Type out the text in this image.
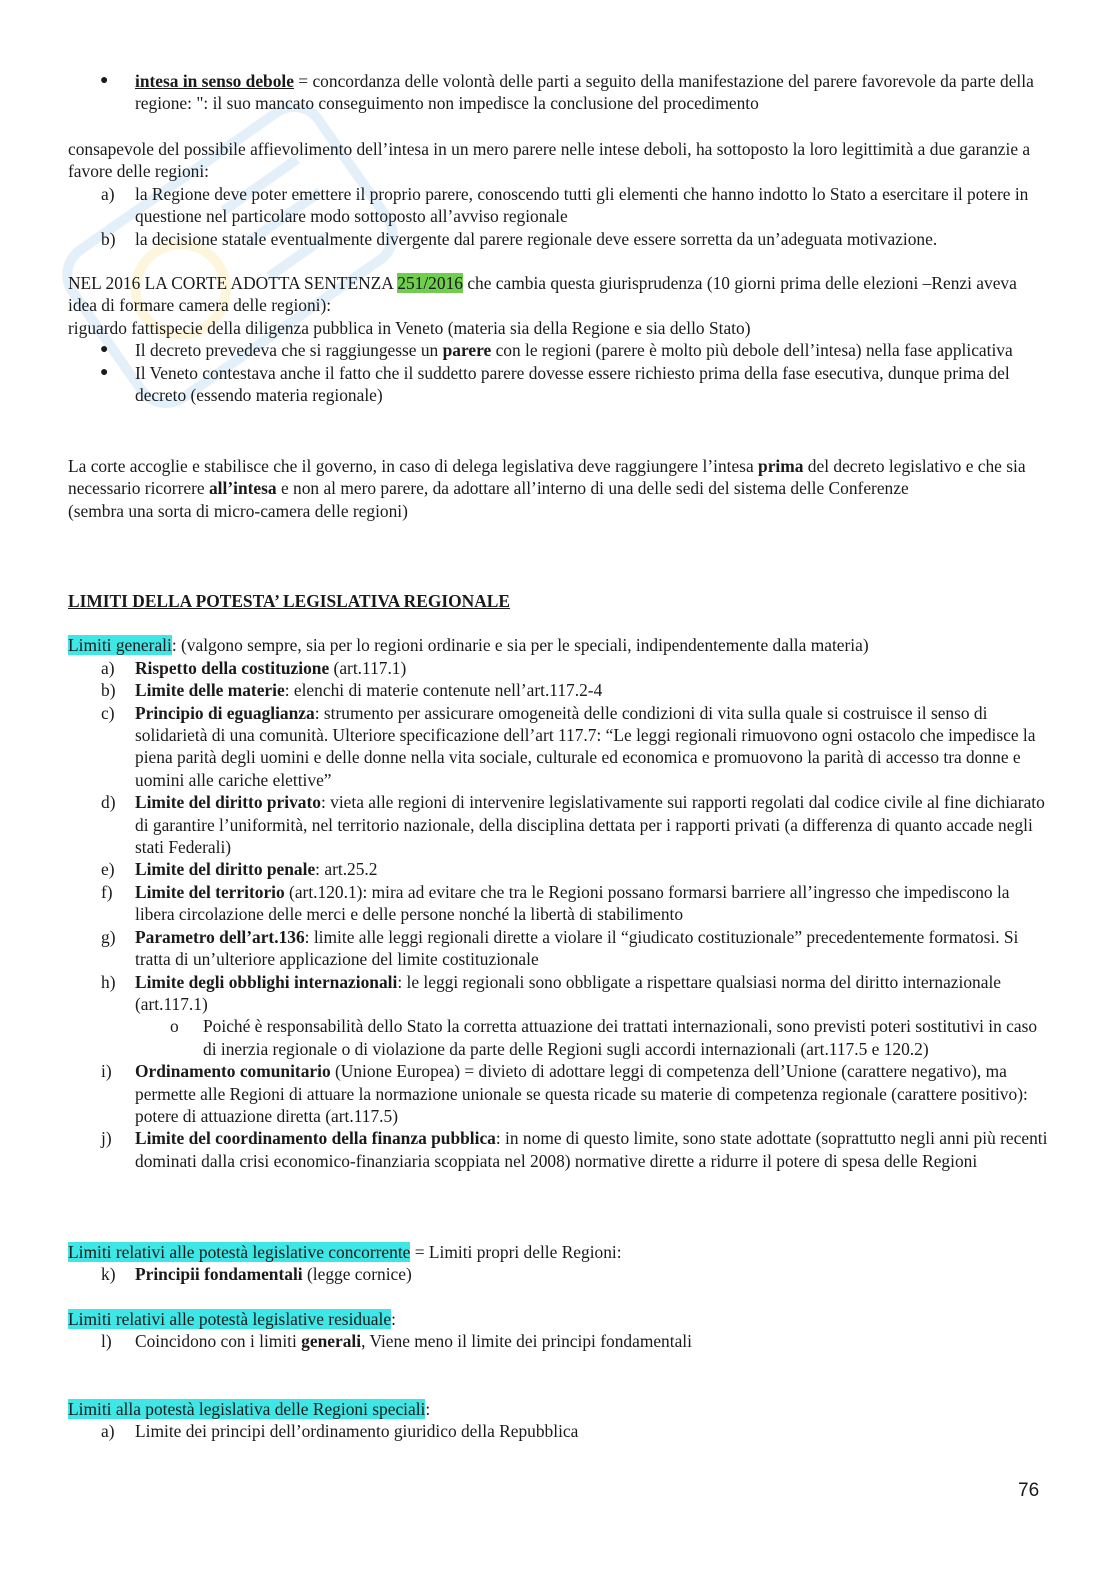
● intesa in senso debole = concordanza delle volontà delle parti a seguito della manifestazione del parere favorevole da parte della regione: ": il suo mancato conseguimento non impedisce la conclusione del procedimento

consapevole del possibile affievolimento dell’intesa in un mero parere nelle intese deboli, ha sottoposto la loro legittimità a due garanzie a favore delle regioni:

a) la Regione deve poter emettere il proprio parere, conoscendo tutti gli elementi che hanno indotto lo Stato a esercitare il potere in questione nel particolare modo sottoposto all’avviso regionale
b) la decisione statale eventualmente divergente dal parere regionale deve essere sorretta da un’adeguata motivazione.

NEL 2016 LA CORTE ADOTTA SENTENZA 251/2016 che cambia questa giurisprudenza (10 giorni prima delle elezioni –Renzi aveva idea di formare camera delle regioni):

riguardo fattispecie della diligenza pubblica in Veneto (materia sia della Regione e sia dello Stato)

● Il decreto prevedeva che si raggiungesse un parere con le regioni (parere è molto più debole dell’intesa) nella fase applicativa
● Il Veneto contestava anche il fatto che il suddetto parere dovesse essere richiesto prima della fase esecutiva, dunque prima del decreto (essendo materia regionale)

La corte accoglie e stabilisce che il governo, in caso di delega legislativa deve raggiungere l’intesa prima del decreto legislativo e che sia necessario ricorrere all’intesa e non al mero parere, da adottare all’interno di una delle sedi del sistema delle Conferenze

(sembra una sorta di micro-camera delle regioni)

LIMITI DELLA POTESTA’ LEGISLATIVA REGIONALE

Limiti generali: (valgono sempre, sia per lo regioni ordinarie e sia per le speciali, indipendentemente dalla materia)

a) Rispetto della costituzione (art.117.1)
b) Limite delle materie: elenchi di materie contenute nell’art.117.2-4
c) Principio di eguaglianza: strumento per assicurare omogeneità delle condizioni di vita sulla quale si costruisce il senso di solidarietà di una comunità. Ulteriore specificazione dell’art 117.7: “Le leggi regionali rimuovono ogni ostacolo che impedisce la piena parità degli uomini e delle donne nella vita sociale, culturale ed economica e promuovono la parità di accesso tra donne e uomini alle cariche elettive”
d) Limite del diritto privato: vieta alle regioni di intervenire legislativamente sui rapporti regolati dal codice civile al fine dichiarato di garantire l’uniformità, nel territorio nazionale, della disciplina dettata per i rapporti privati (a differenza di quanto accade negli stati Federali)
e) Limite del diritto penale: art.25.2
f) Limite del territorio (art.120.1): mira ad evitare che tra le Regioni possano formarsi barriere all’ingresso che impediscono la libera circolazione delle merci e delle persone nonché la libertà di stabilimento
g) Parametro dell’art.136: limite alle leggi regionali dirette a violare il “giudicato costituzionale” precedentemente formatosi. Si tratta di un’ulteriore applicazione del limite costituzionale
h) Limite degli obblighi internazionali: le leggi regionali sono obbligate a rispettare qualsiasi norma del diritto internazionale (art.117.1)
o Poiché è responsabilità dello Stato la corretta attuazione dei trattati internazionali, sono previsti poteri sostitutivi in caso di inerzia regionale o di violazione da parte delle Regioni sugli accordi internazionali (art.117.5 e 120.2)
i) Ordinamento comunitario (Unione Europea) = divieto di adottare leggi di competenza dell’Unione (carattere negativo), ma permette alle Regioni di attuare la normazione unionale se questa ricade su materie di competenza regionale (carattere positivo): potere di attuazione diretta (art.117.5)
j) Limite del coordinamento della finanza pubblica: in nome di questo limite, sono state adottate (soprattutto negli anni più recenti dominati dalla crisi economico-finanziaria scoppiata nel 2008) normative dirette a ridurre il potere di spesa delle Regioni

Limiti relativi alle potestà legislative concorrente = Limiti propri delle Regioni:

k) Principii fondamentali (legge cornice)

Limiti relativi alle potestà legislative residuale:

l) Coincidono con i limiti generali, Viene meno il limite dei principi fondamentali

Limiti alla potestà legislativa delle Regioni speciali:

a) Limite dei principi dell’ordinamento giuridico della Repubblica
76
